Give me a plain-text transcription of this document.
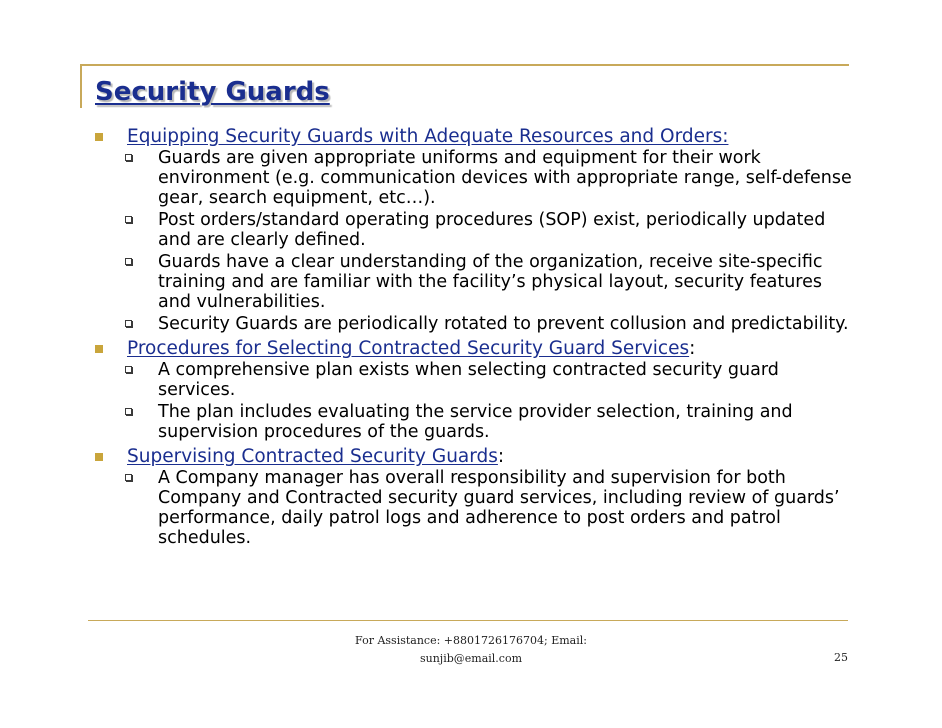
Security Guards
Equipping Security Guards with Adequate Resources and Orders:
Guards are given appropriate uniforms and equipment for their work environment (e.g. communication devices with appropriate range, self-defense gear, search equipment, etc…).
Post orders/standard operating procedures (SOP) exist, periodically updated and are clearly defined.
Guards have a clear understanding of the organization, receive site-specific training and are familiar with the facility’s physical layout, security features and vulnerabilities.
Security Guards are periodically rotated to prevent collusion and predictability.
Procedures for Selecting Contracted Security Guard Services:
A comprehensive plan exists when selecting contracted security guard services.
The plan includes evaluating the service provider selection, training and supervision procedures of the guards.
Supervising Contracted Security Guards:
A Company manager has overall responsibility and supervision for both Company and Contracted security guard services, including review of guards’ performance, daily patrol logs and adherence to post orders and patrol schedules.
For Assistance: +8801726176704; Email:
sunjib@email.com	25
